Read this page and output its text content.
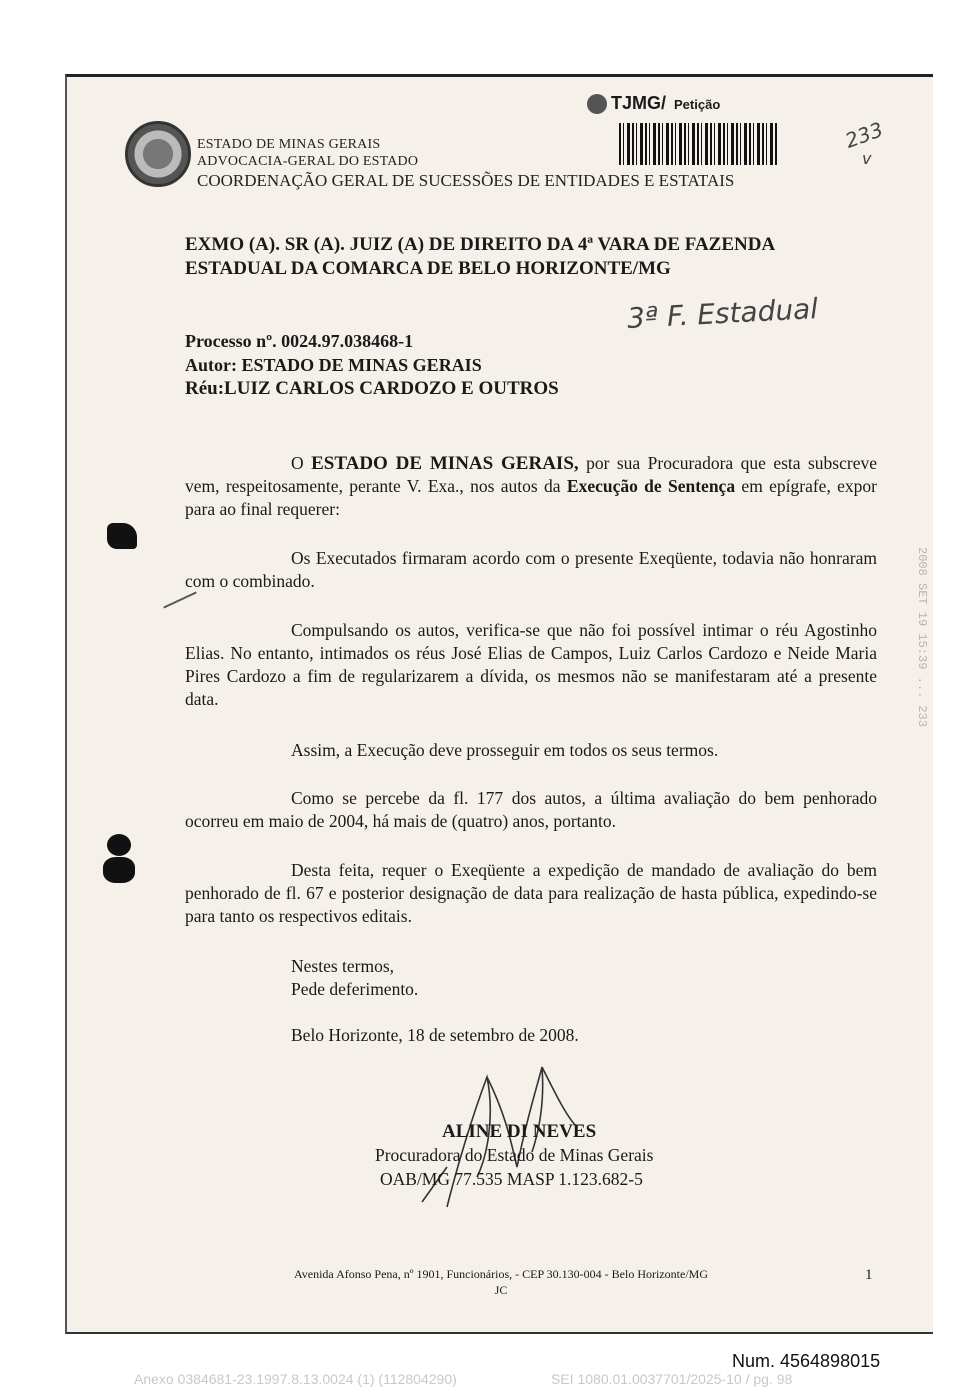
ESTADO DE MINAS GERAIS
ADVOCACIA-GERAL DO ESTADO
COORDENAÇÃO GERAL DE SUCESSÕES DE ENTIDADES E ESTATAIS
TJMG/ Petição
233
v

EXMO (A). SR (A). JUIZ (A) DE DIREITO DA 4ª VARA DE FAZENDA

ESTADUAL DA COMARCA DE BELO HORIZONTE/MG

3ª F. Estadual
Processo nº. 0024.97.038468-1
Autor: ESTADO DE MINAS GERAIS
Réu:LUIZ CARLOS CARDOZO E OUTROS
O ESTADO DE MINAS GERAIS, por sua Procuradora que esta subscreve vem, respeitosamente, perante V. Exa., nos autos da Execução de Sentença em epígrafe, expor para ao final requerer:
Os Executados firmaram acordo com o presente Exeqüente, todavia não honraram com o combinado.
Compulsando os autos, verifica-se que não foi possível intimar o réu Agostinho Elias. No entanto, intimados os réus José Elias de Campos, Luiz Carlos Cardozo e Neide Maria Pires Cardozo a fim de regularizarem a dívida, os mesmos não se manifestaram até a presente data.
Assim, a Execução deve prosseguir em todos os seus termos.
Como se percebe da fl. 177 dos autos, a última avaliação do bem penhorado ocorreu em maio de 2004, há mais de (quatro) anos, portanto.
Desta feita, requer o Exeqüente a expedição de mandado de avaliação do bem penhorado de fl. 67 e posterior designação de data para realização de hasta pública, expedindo-se para tanto os respectivos editais.
Nestes termos,
Pede deferimento.
Belo Horizonte, 18 de setembro de 2008.
ALINE DI NEVES
Procuradora do Estado de Minas Gerais
OAB/MG 77.535 MASP 1.123.682-5
Avenida Afonso Pena, nº 1901, Funcionários, - CEP 30.130-004 - Belo Horizonte/MG
JC
1
2008 SET 19 15:39 ... 233
Num. 4564898015
Anexo 0384681-23.1997.8.13.0024 (1) (112804290)	SEI 1080.01.0037701/2025-10 / pg. 98
